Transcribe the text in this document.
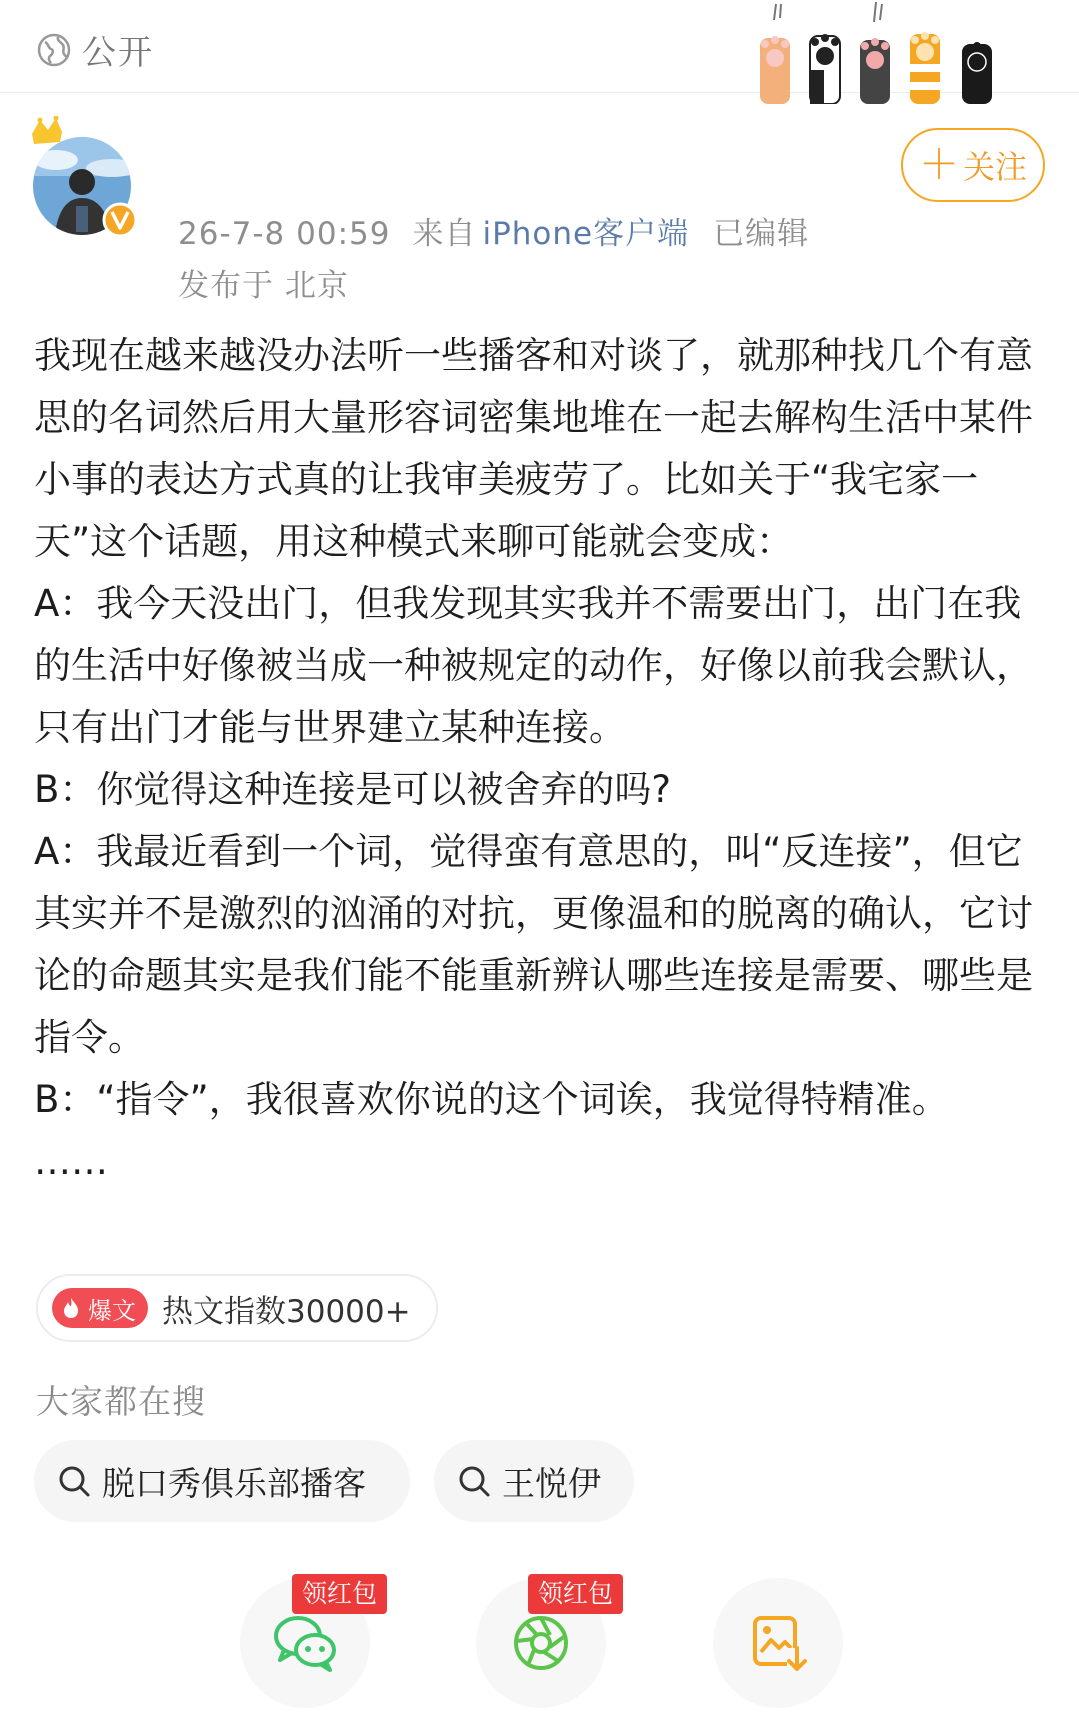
公开
＋ 关注
26-7-8 00:59 来自 iPhone客户端 已编辑
发布于 北京

我现在越来越没办法听一些播客和对谈了，就那种找几个有意思的名词然后用大量形容词密集地堆在一起去解构生活中某件小事的表达方式真的让我审美疲劳了。比如关于“我宅家一天”这个话题，用这种模式来聊可能就会变成：

A：我今天没出门，但我发现其实我并不需要出门，出门在我的生活中好像被当成一种被规定的动作，好像以前我会默认，只有出门才能与世界建立某种连接。

B：你觉得这种连接是可以被舍弃的吗?

A：我最近看到一个词，觉得蛮有意思的，叫“反连接”，但它其实并不是激烈的汹涌的对抗，更像温和的脱离的确认，它讨论的命题其实是我们能不能重新辨认哪些连接是需要、哪些是指令。

B：“指令”，我很喜欢你说的这个词诶，我觉得特精准。

……

爆文 热文指数30000+
大家都在搜
脱口秀俱乐部播客	王悦伊
领红包	领红包
